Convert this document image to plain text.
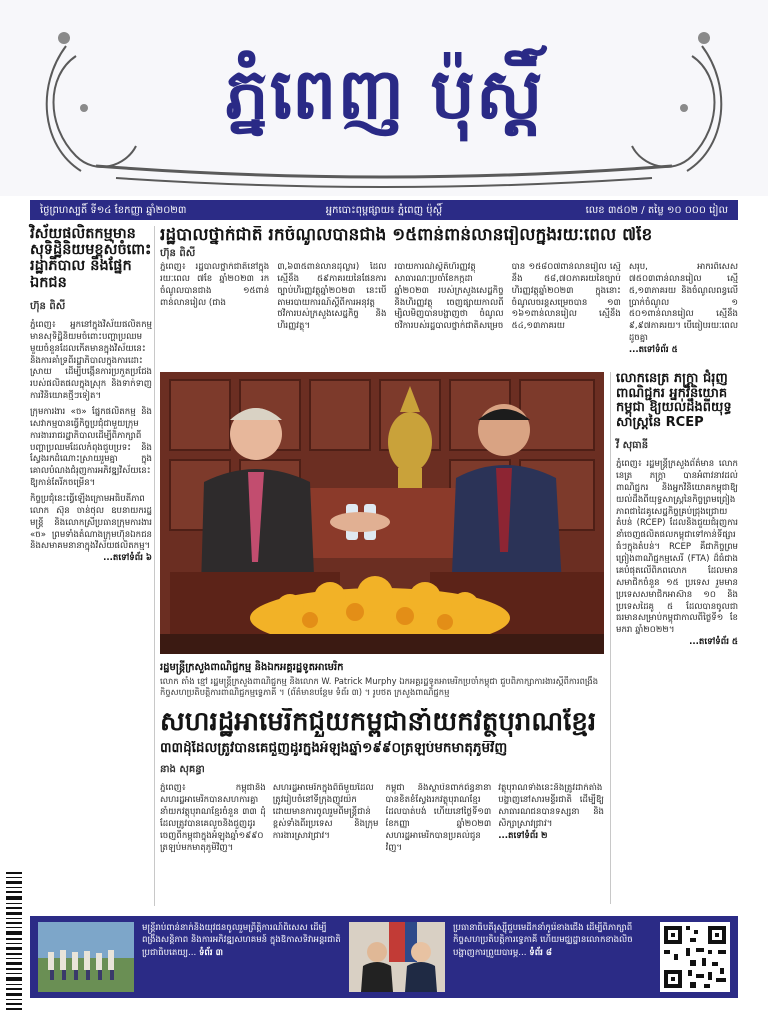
ភ្នំពេញ ប៉ុស្តិ៍
ថ្ងៃព្រហស្បតិ៍ ទី១៤ ខែកញ្ញា ឆ្នាំ២០២៣	អ្នកបោះពុម្ពផ្សាយ៖ ភ្នំពេញ ប៉ុស្តិ៍	លេខ ៣៥០២ / តម្លៃ ១០ ០០០ រៀល
វិស័យ​ផលិតកម្ម​មាន​សុទិដ្ឋិនិយម​ខ្ពស់​ចំពោះ​រដ្ឋាភិបាល និង​ផ្នែក​ឯកជន
ហ៊ុន ពិសី

ភ្នំពេញ៖ អ្នក​នៅ​ក្នុង​វិស័យ​ផលិតកម្ម​មាន​សុទិដ្ឋិនិយម​ចំពោះ​បញ្ហា​ប្រឈម​មួយ​ចំនួន​ដែល​កើត​មាន​ក្នុង​វិស័យ​នេះ និង​ការ​គាំទ្រ​ពី​រដ្ឋាភិបាល​ក្នុង​ការ​ដោះស្រាយ ដើម្បី​បង្កើន​ការ​ប្រកួតប្រជែង​របស់​ផលិតផល​ក្នុងស្រុក និង​ទាក់ទាញ​ការ​វិនិយោគ​ថ្មីៗ​ទៀត។

ក្រុមការងារ «ច» ផ្នែក​ផលិតកម្ម និង​សេវាកម្ម​បាន​ធ្វើ​កិច្ចប្រជុំ​ជាមួយ​ក្រុមការងារ​រាជរដ្ឋាភិបាល​ដើម្បី​ពិភាក្សា​ពី​បញ្ហា​ប្រឈម​ដែល​កំពុង​ជួប​ប្រទះ និង​ស្វែងរក​ដំណោះស្រាយ​រួមគ្នា ក្នុង​គោលបំណង​ជំរុញ​ការ​អភិវឌ្ឍ​វិស័យ​នេះ​ឱ្យ​កាន់តែ​រីកចម្រើន។

កិច្ចប្រជុំ​នេះ​ធ្វើ​ឡើង​ក្រោម​អធិបតីភាព​លោក ស៊ុន ចាន់ថុល ឧបនាយករដ្ឋមន្ត្រី និង​លោក​ស្រី​ប្រធាន​ក្រុមការងារ «ច» ព្រមទាំង​តំណាង​ក្រុមហ៊ុន​ឯកជន និង​សមាគម​នានា​ក្នុង​វិស័យ​ផលិតកម្ម។

...តទៅទំព័រ ៦

រដ្ឋបាលថ្នាក់ជាតិ រកចំណូលបានជាង ១៥ពាន់ពាន់លានរៀលក្នុងរយៈពេល ៧ខែ
ហ៊ុន ពិសី

ភ្នំពេញ៖ រដ្ឋបាលថ្នាក់ជាតិ​នៅ​ក្នុង​រយៈពេល ៧ខែ ឆ្នាំ២០២៣ រកចំណូល​បាន​ជាង ១៥ពាន់ពាន់លានរៀល (ជាង

៣,៦៣៥ពាន់លានដុល្លារ) ដែល​ស្មើនឹង ៥៩ភាគរយ​នៃ​ផែនការ​ច្បាប់​ហិរញ្ញវត្ថុ​ឆ្នាំ២០២៣ នេះ​បើ​តាម​របាយការណ៍​ស្ដីពី​ការ​អនុវត្ត​ថវិកា​របស់​ក្រសួង​សេដ្ឋកិច្ច និង​ហិរញ្ញវត្ថុ។

របាយការណ៍​ស្ថិតិ​ហិរញ្ញវត្ថុ​សាធារណៈ​ប្រចាំ​ខែកក្កដា ឆ្នាំ២០២៣ របស់​ក្រសួង​សេដ្ឋកិច្ច និង​ហិរញ្ញវត្ថុ ចេញ​ផ្សាយ​កាលពី​ម្សិលមិញ​បាន​បង្ហាញ​ថា ចំណូល​ថវិកា​របស់​រដ្ឋបាលថ្នាក់ជាតិ​សម្រេច

បាន ១៥៨០៧ពាន់លានរៀល ស្មើនឹង ៥៨,៧០ភាគរយ​នៃ​ច្បាប់​ហិរញ្ញវត្ថុ​ឆ្នាំ២០២៣ ក្នុង​នោះ​ចំណូល​ចរន្ត​សម្រេច​បាន ១៣ ១៦១ពាន់លានរៀល ស្មើនឹង ៥៤,១៣ភាគរយ

សរុប, អាករ​ពិសេស ៧៥០៣ពាន់លានរៀល ស្មើ ៥,១៣ភាគរយ និង​ចំណូល​ពន្ធ​លើ​ប្រាក់ចំណូល ១ ៥០១ពាន់លានរៀល ស្មើនឹង ៩,៩៧ភាគរយ។ បើ​ធៀប​រយៈពេល​ដូចគ្នា

...តទៅទំព័រ ៥

រដ្ឋមន្ត្រីក្រសួងពាណិជ្ជកម្ម និងឯកអគ្គរដ្ឋទូតអាមេរិក
លោក តាំង ខ្មៅ រដ្ឋមន្ត្រី​ក្រសួង​ពាណិជ្ជកម្ម និង​លោក W. Patrick Murphy ឯកអគ្គរដ្ឋទូត​អាមេរិក​ប្រចាំ​កម្ពុជា ជួប​ពិភាក្សា​ការងារ​ស្ដីពី​ការ​ពង្រឹង​កិច្ចសហប្រតិបត្តិការ​ពាណិជ្ជកម្ម​ទ្វេភាគី ។ (ព័ត៌មានបន្ថែម ទំព័រ ៣) ។ រូបថត ក្រសួងពាណិជ្ជកម្ម
លោកនេត្រ ភក្ត្រា ជំរុញពាណិជ្ជករ អ្នកវិនិយោគកម្ពុជា ឱ្យយល់ដឹងពីយុទ្ធសាស្ត្រនៃ RCEP
វី សុធានី

ភ្នំពេញ៖ រដ្ឋមន្ត្រី​ក្រសួង​ព័ត៌មាន លោក នេត្រ ភក្ត្រា បាន​អំពាវនាវ​ដល់​ពាណិជ្ជករ និង​អ្នក​វិនិយោគ​កម្ពុជា​ឱ្យ​យល់ដឹង​ពី​យុទ្ធសាស្ត្រ​នៃ​កិច្ចព្រមព្រៀង​ភាពជាដៃគូ​សេដ្ឋកិច្ច​គ្រប់ជ្រុងជ្រោយ​តំបន់ (RCEP) ដែល​និង​ជួយ​ជំរុញ​ការ​នាំចេញ​ផលិតផល​កម្ពុជា​ទៅ​កាន់​ទីផ្សារ​ធំៗ​ក្នុង​តំបន់។ RCEP គឺ​ជា​កិច្ចព្រមព្រៀង​ពាណិជ្ជកម្ម​សេរី (FTA) ដ៏​ធំ​ជាង​គេ​បំផុត​លើ​ពិភពលោក ដែល​មាន​សមាជិក​ចំនួន ១៥ ប្រទេស រួមមាន​ប្រទេស​សមាជិក​អាស៊ាន ១០ និង​ប្រទេស​ដៃគូ ៥ ដែល​បាន​ចូល​ជា​ធរមាន​សម្រាប់​កម្ពុជា​កាលពី​ថ្ងៃទី១ ខែមករា ឆ្នាំ២០២២។

...តទៅទំព័រ ៥

សហរដ្ឋអាមេរិកជួយកម្ពុជានាំយកវត្ថុបុរាណខ្មែរ
៣៣ដុំដែលត្រូវបានគេជួញដូរក្នុងអំឡុងឆ្នាំ១៩៩០ត្រឡប់មកមាតុភូមិវិញ
នាង សុគន្ធា

ភ្នំពេញ៖ កម្ពុជា​និង​សហរដ្ឋអាមេរិក​បាន​សហការ​គ្នា​នាំ​យក​វត្ថុបុរាណ​ខ្មែរ​ចំនួន ៣៣ ដុំ ដែល​ត្រូវ​បាន​គេ​លួច​និង​ជួញដូរ​ចេញ​ពី​កម្ពុជា​ក្នុង​អំឡុង​ឆ្នាំ១៩៩០ ត្រឡប់​មក​មាតុភូមិ​វិញ។

សហរដ្ឋអាមេរិក​ក្នុង​ពិធី​មួយ​ដែល​ត្រូវ​រៀបចំ​នៅ​ទីក្រុង​ញូវយ៉ក ដោយ​មាន​ការ​ចូលរួម​ពី​មន្ត្រី​ជាន់ខ្ពស់​ទាំង​ពីរ​ប្រទេស និង​ក្រុមការងារ​ស្រាវជ្រាវ។

កម្ពុជា និង​ស្ថាប័ន​ពាក់ព័ន្ធ​នានា​បាន​ខិតខំ​ស្វែងរក​វត្ថុបុរាណ​ខ្មែរ​ដែល​បាត់បង់ ហើយ​នៅ​ថ្ងៃទី១៣ ខែកញ្ញា ឆ្នាំ២០២៣ សហរដ្ឋអាមេរិក​បាន​ប្រគល់​ជូន​វិញ។

វត្ថុបុរាណ​ទាំង​នេះ​នឹង​ត្រូវ​ដាក់​តាំង​បង្ហាញ​នៅ​សារមន្ទីរ​ជាតិ ដើម្បី​ឱ្យ​សាធារណជន​បាន​ទស្សនា និង​សិក្សា​ស្រាវជ្រាវ។

...តទៅទំព័រ ២

មន្ត្រី​រាប់ពាន់​នាក់​និង​យុវជន​ចូលរួម​ព្រឹត្តិការណ៍​ពិសេស ដើម្បី​ពង្រឹង​សន្តិភាព និង​ការ​អភិវឌ្ឍ​សហគមន៍ ក្នុង​ឱកាស​ទិវា​អន្តរជាតិ​ប្រជាធិបតេយ្យ... ទំព័រ ៣
ប្រធានាធិបតីរុស្ស៊ី​ជួប​មេដឹកនាំ​កូរ៉េខាងជើង ដើម្បី​ពិភាក្សា​ពី​កិច្ចសហប្រតិបត្តិការ​ទ្វេភាគី ហើយ​មជ្ឈដ្ឋាន​លោកខាងលិច​បង្ហាញ​ការ​ព្រួយបារម្ភ... ទំព័រ ៨
